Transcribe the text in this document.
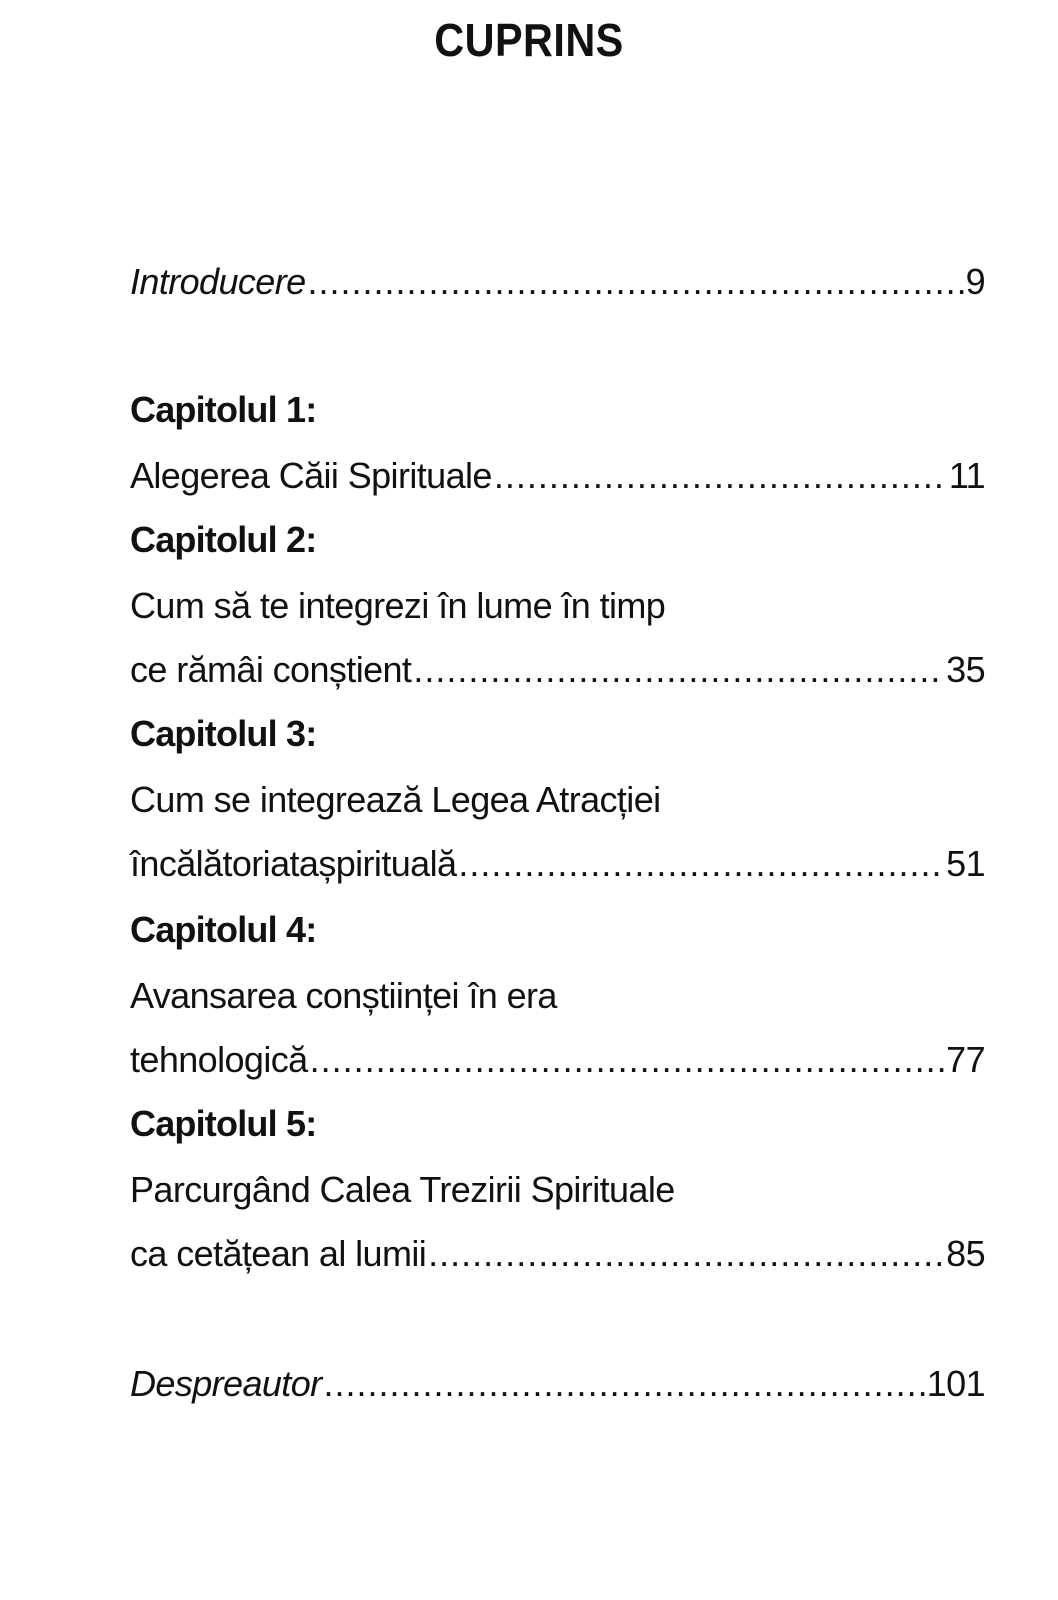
CUPRINS
Introducere .....	9
Capitolul 1:
Alegerea Căii Spirituale .....	11
Capitolul 2:
Cum să te integrezi în lume în timp
ce rămâi conștient .....	35
Capitolul 3:
Cum se integrează Legea Atracției
încălătoriatașpirituală .....	51
Capitolul 4:
Avansarea conștiinței în era
tehnologică .....	77
Capitolul 5:
Parcurgând Calea Trezirii Spirituale
ca cetățean al lumii .....	85
Despreautor .....	101
